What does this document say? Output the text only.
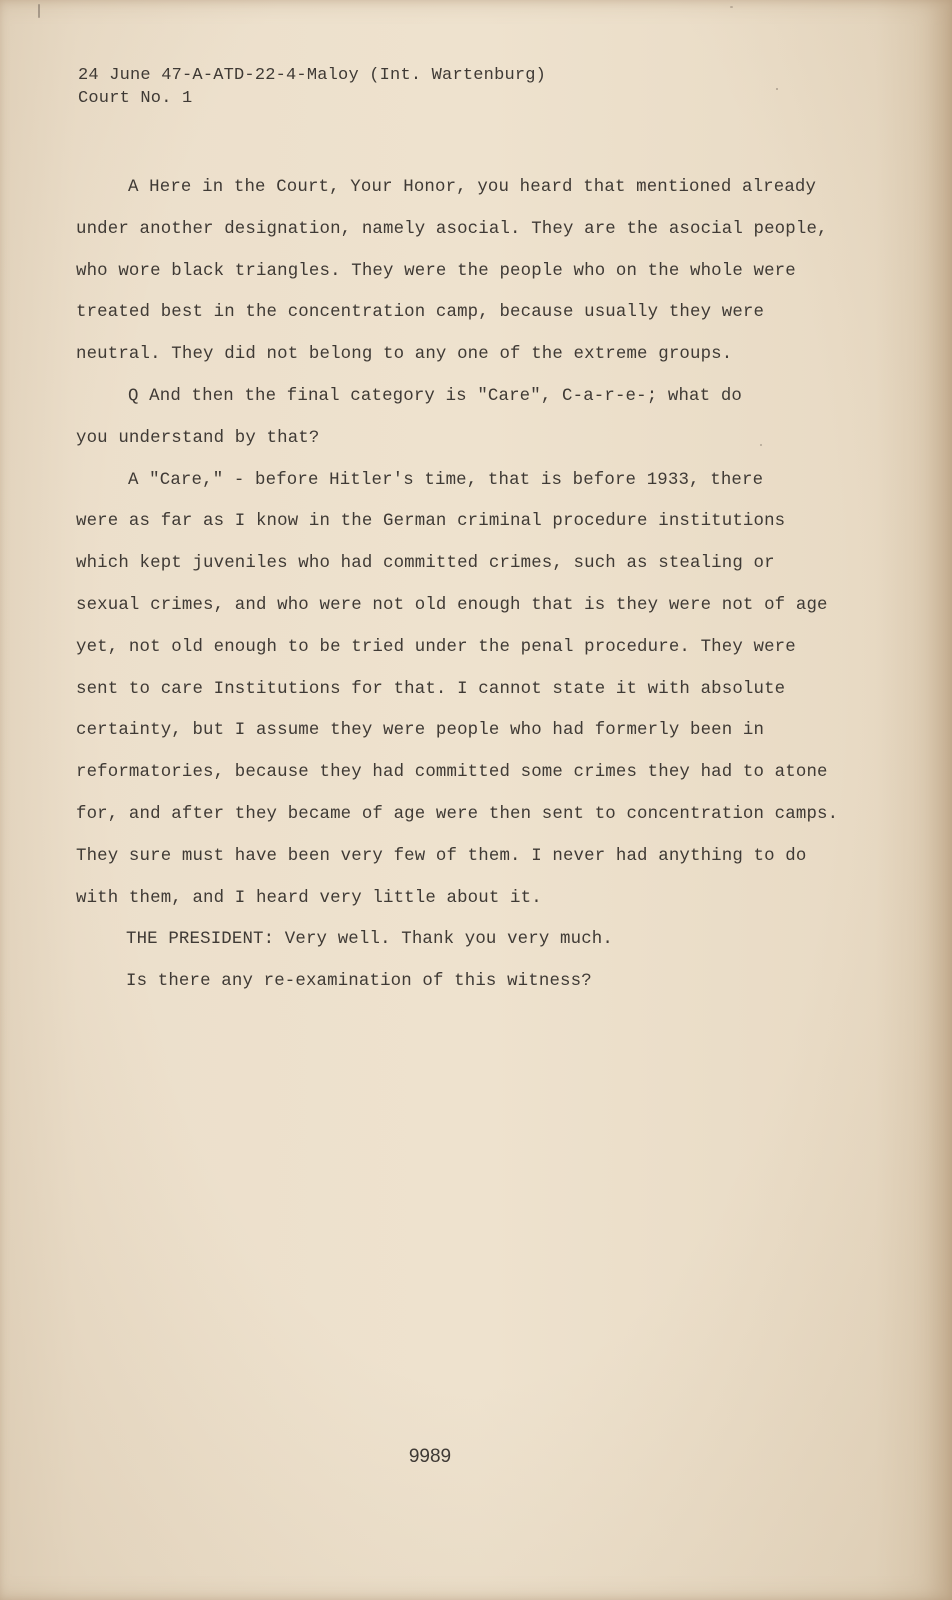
24 June 47-A-ATD-22-4-Maloy (Int. Wartenburg)
Court No. 1
A Here in the Court, Your Honor, you heard that mentioned already
under another designation, namely asocial. They are the asocial people,
who wore black triangles. They were the people who on the whole were
treated best in the concentration camp, because usually they were
neutral. They did not belong to any one of the extreme groups.
Q And then the final category is "Care", C-a-r-e-; what do
you understand by that?
A "Care," - before Hitler's time, that is before 1933, there
were as far as I know in the German criminal procedure institutions
which kept juveniles who had committed crimes, such as stealing or
sexual crimes, and who were not old enough that is they were not of age
yet, not old enough to be tried under the penal procedure. They were
sent to care Institutions for that. I cannot state it with absolute
certainty, but I assume they were people who had formerly been in
reformatories, because they had committed some crimes they had to atone
for, and after they became of age were then sent to concentration camps.
They sure must have been very few of them. I never had anything to do
with them, and I heard very little about it.
THE PRESIDENT: Very well. Thank you very much.
Is there any re-examination of this witness?
9989
